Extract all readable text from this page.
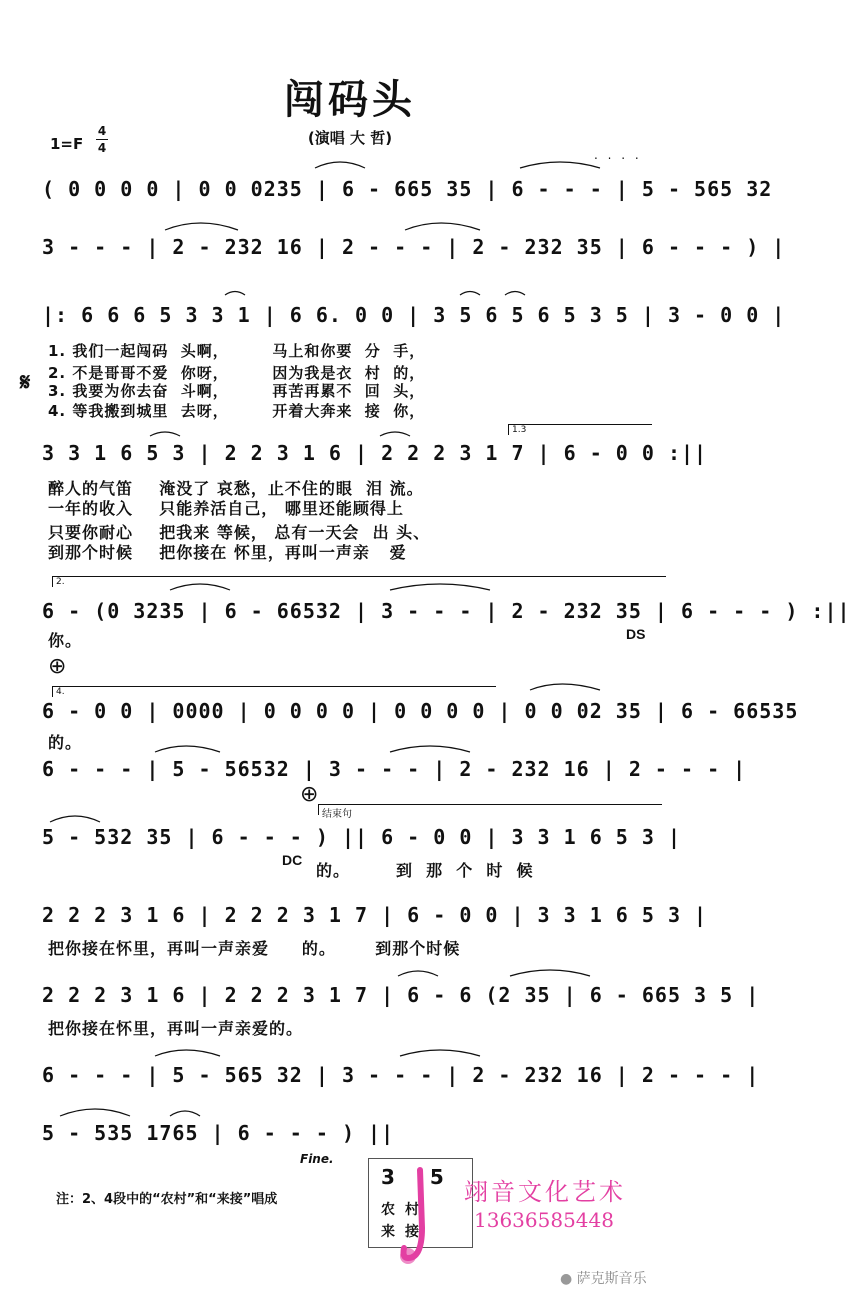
闯码头
(演唱 大 哲)
1=F
4
4	. . . .
( 0 0 0 0 | 0 0 0235 | 6 - 665 35 | 6 - - - | 5 - 565 32
3 - - - | 2 - 232 16 | 2 - - - | 2 - 232 35 | 6 - - - ) |
|: 6 6 6 5 3 3 1 | 6 6. 0 0 | 3 5 6 5 6 5 3 5 | 3 - 0 0 |
1. 我们一起闯码  头啊，       马上和你要  分  手，
2. 不是哥哥不爱  你呀，       因为我是衣  村  的，
3. 我要为你去奋  斗啊，       再苦再累不  回  头，
4. 等我搬到城里  去呀，       开着大奔来  接  你，
𝄋
1.3
3 3 1 6 5 3 | 2 2 3 1 6 | 2 2 2 3 1 7 | 6 - 0 0 :||
醉人的气笛    淹没了 哀愁，止不住的眼  泪 流。
一年的收入    只能养活自己， 哪里还能顾得上
只要你耐心    把我来 等候， 总有一天会  出 头、
到那个时候    把你接在 怀里，再叫一声亲   爱
2.
6 - (0 3235 | 6 - 66532 | 3 - - - | 2 - 232 35 | 6 - - - ) :||
你。	DS
⊕
4.
6 - 0 0 | 0000 | 0 0 0 0 | 0 0 0 0 | 0 0 02 35 | 6 - 66535
的。
6 - - - | 5 - 56532 | 3 - - - | 2 - 232 16 | 2 - - - |
⊕
结束句
5 - 532 35 | 6 - - - ) || 6 - 0 0 | 3 3 1 6 5 3 |
DC
的。       到  那  个  时  候
2 2 2 3 1 6 | 2 2 2 3 1 7 | 6 - 0 0 | 3 3 1 6 5 3 |
把你接在怀里，再叫一声亲爱     的。      到那个时候
2 2 2 3 1 6 | 2 2 2 3 1 7 | 6 - 6 (2 35 | 6 - 665 3 5 |
把你接在怀里，再叫一声亲爱的。
6 - - - | 5 - 565 32 | 3 - - - | 2 - 232 16 | 2 - - - |
5 - 535 1765 | 6 - - - ) ||
Fine.
注：2、4段中的“农村”和“来接”唱成
3 5
农村
来接
翊音文化艺术
13636585448
● 萨克斯音乐
